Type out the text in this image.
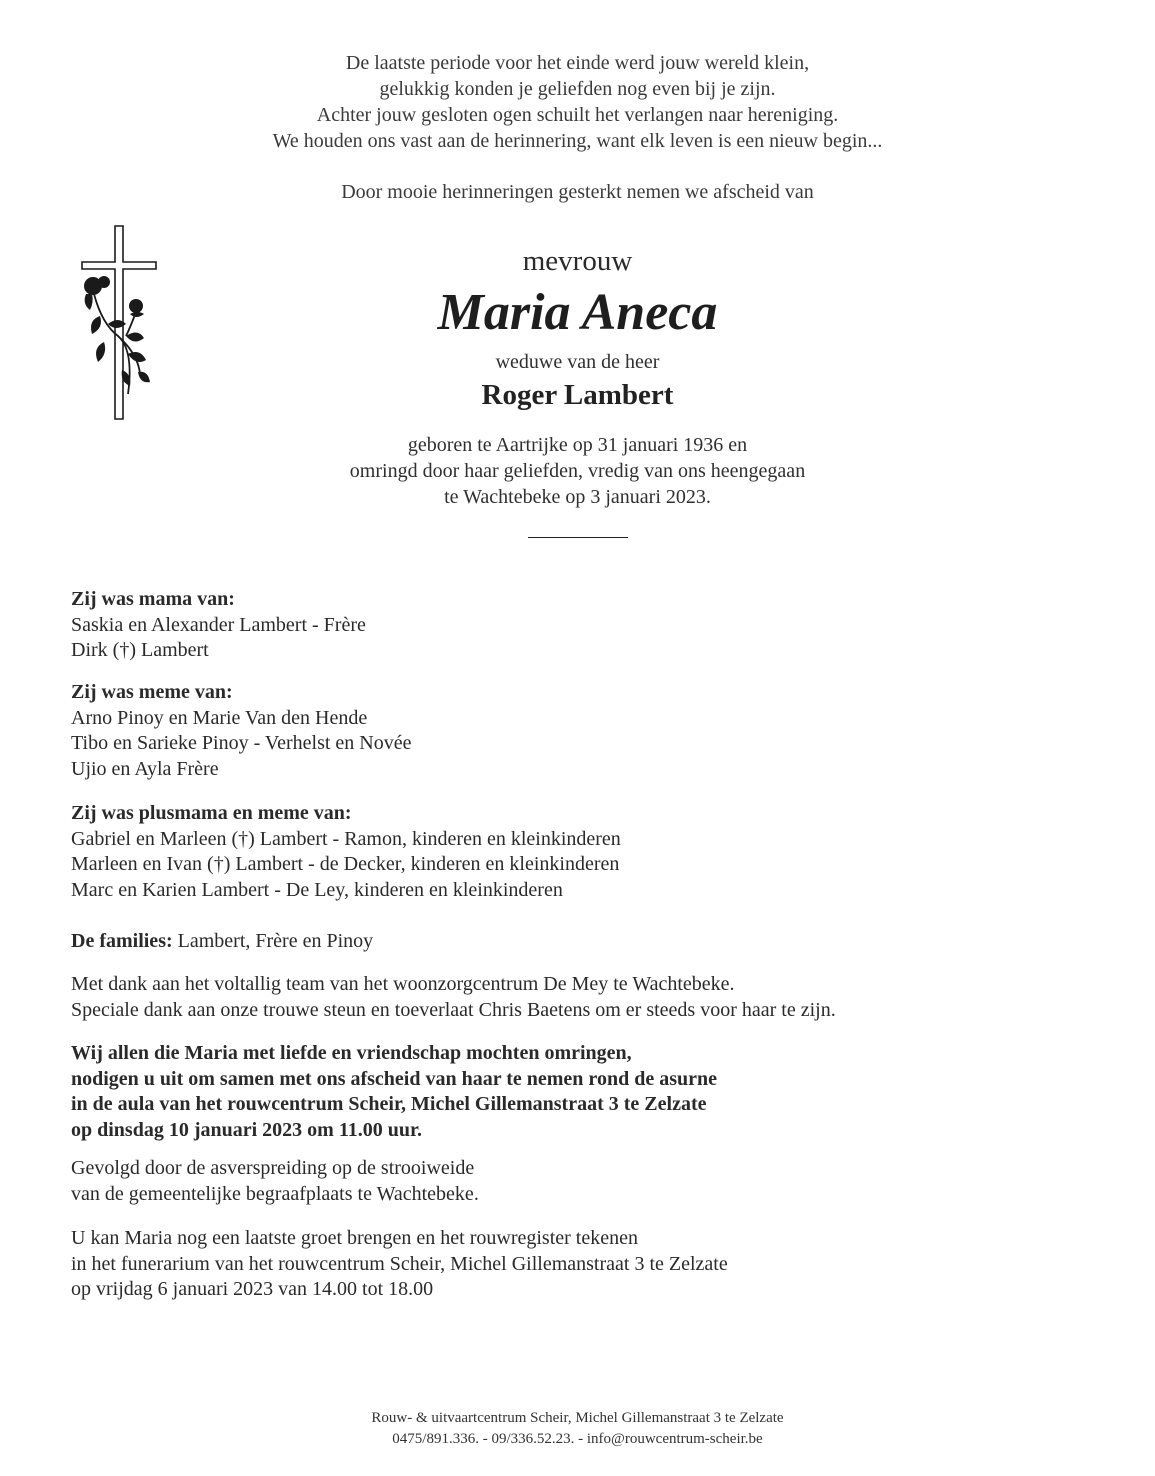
De laatste periode voor het einde werd jouw wereld klein,
gelukkig konden je geliefden nog even bij je zijn.
Achter jouw gesloten ogen schuilt het verlangen naar hereniging.
We houden ons vast aan de herinnering, want elk leven is een nieuw begin...
Door mooie herinneringen gesterkt nemen we afscheid van
mevrouw
Maria Aneca
weduwe van de heer
Roger Lambert
geboren te Aartrijke op 31 januari 1936 en
omringd door haar geliefden, vredig van ons heengegaan
te Wachtebeke op 3 januari 2023.
Zij was mama van:
Saskia en Alexander Lambert - Frère
Dirk (†) Lambert
Zij was meme van:
Arno Pinoy en Marie Van den Hende
Tibo en Sarieke Pinoy - Verhelst en Novée
Ujio en Ayla Frère
Zij was plusmama en meme van:
Gabriel en Marleen (†) Lambert - Ramon, kinderen en kleinkinderen
Marleen en Ivan (†) Lambert - de Decker, kinderen en kleinkinderen
Marc en Karien Lambert - De Ley, kinderen en kleinkinderen
De families: Lambert, Frère en Pinoy
Met dank aan het voltallig team van het woonzorgcentrum De Mey te Wachtebeke.
Speciale dank aan onze trouwe steun en toeverlaat Chris Baetens om er steeds voor haar te zijn.
Wij allen die Maria met liefde en vriendschap mochten omringen,
nodigen u uit om samen met ons afscheid van haar te nemen rond de asurne
in de aula van het rouwcentrum Scheir, Michel Gillemanstraat 3 te Zelzate
op dinsdag 10 januari 2023 om 11.00 uur.
Gevolgd door de asverspreiding op de strooiweide
van de gemeentelijke begraafplaats te Wachtebeke.
U kan Maria nog een laatste groet brengen en het rouwregister tekenen
in het funerarium van het rouwcentrum Scheir, Michel Gillemanstraat 3 te Zelzate
op vrijdag 6 januari 2023 van 14.00 tot 18.00
Rouw- & uitvaartcentrum Scheir, Michel Gillemanstraat 3 te Zelzate
0475/891.336. - 09/336.52.23. - info@rouwcentrum-scheir.be
